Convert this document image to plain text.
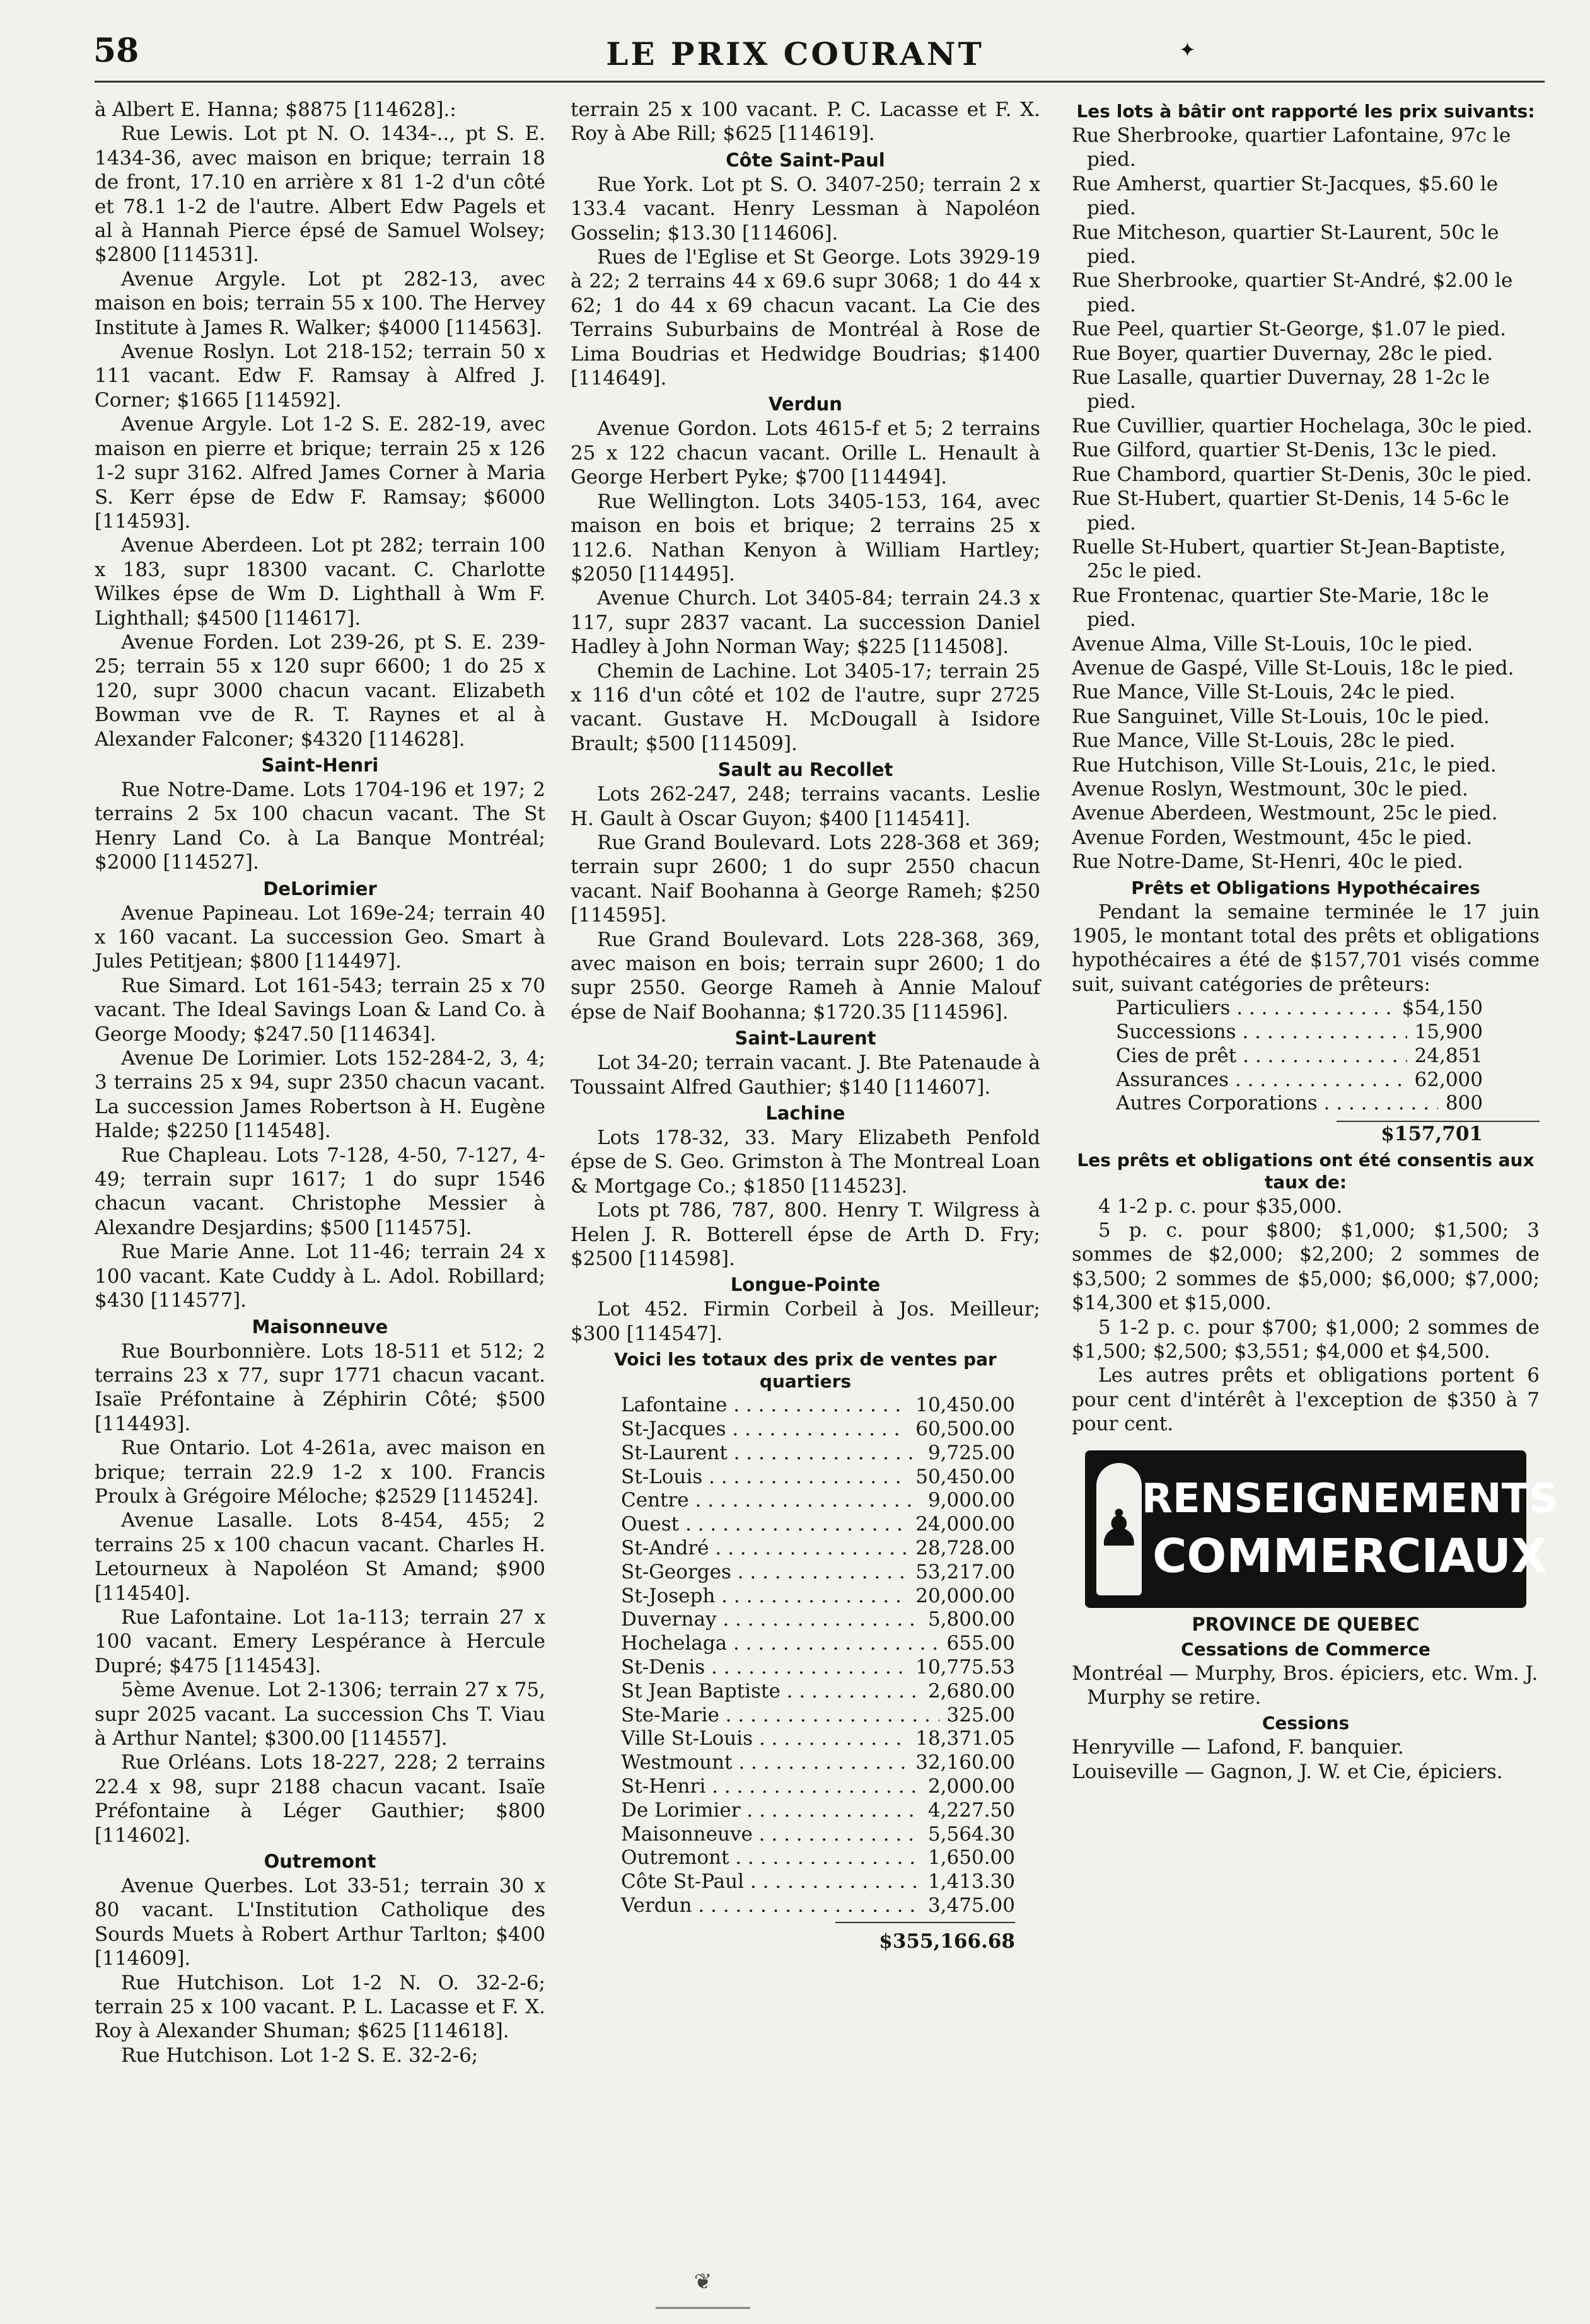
58	LE PRIX COURANT	✦

à Albert E. Hanna; $8875 [114628].:

Rue Lewis. Lot pt N. O. 1434-.., pt S. E. 1434-36, avec maison en brique; terrain 18 de front, 17.10 en arrière x 81 1-2 d'un côté et 78.1 1-2 de l'autre. Albert Edw Pagels et al à Hannah Pierce épsé de Samuel Wolsey; $2800 [114531].

Avenue Argyle. Lot pt 282-13, avec maison en bois; terrain 55 x 100. The Hervey Institute à James R. Walker; $4000 [114563].

Avenue Roslyn. Lot 218-152; terrain 50 x 111 vacant. Edw F. Ramsay à Alfred J. Corner; $1665 [114592].

Avenue Argyle. Lot 1-2 S. E. 282-19, avec maison en pierre et brique; terrain 25 x 126 1-2 supr 3162. Alfred James Corner à Maria S. Kerr épse de Edw F. Ramsay; $6000 [114593].

Avenue Aberdeen. Lot pt 282; terrain 100 x 183, supr 18300 vacant. C. Charlotte Wilkes épse de Wm D. Lighthall à Wm F. Lighthall; $4500 [114617].

Avenue Forden. Lot 239-26, pt S. E. 239-25; terrain 55 x 120 supr 6600; 1 do 25 x 120, supr 3000 chacun vacant. Elizabeth Bowman vve de R. T. Raynes et al à Alexander Falconer; $4320 [114628].

Saint-Henri

Rue Notre-Dame. Lots 1704-196 et 197; 2 terrains 2 5x 100 chacun vacant. The St Henry Land Co. à La Banque Montréal; $2000 [114527].

DeLorimier

Avenue Papineau. Lot 169e-24; terrain 40 x 160 vacant. La succession Geo. Smart à Jules Petitjean; $800 [114497].

Rue Simard. Lot 161-543; terrain 25 x 70 vacant. The Ideal Savings Loan & Land Co. à George Moody; $247.50 [114634].

Avenue De Lorimier. Lots 152-284-2, 3, 4; 3 terrains 25 x 94, supr 2350 chacun vacant. La succession James Robertson à H. Eugène Halde; $2250 [114548].

Rue Chapleau. Lots 7-128, 4-50, 7-127, 4-49; terrain supr 1617; 1 do supr 1546 chacun vacant. Christophe Messier à Alexandre Desjardins; $500 [114575].

Rue Marie Anne. Lot 11-46; terrain 24 x 100 vacant. Kate Cuddy à L. Adol. Robillard; $430 [114577].

Maisonneuve

Rue Bourbonnière. Lots 18-511 et 512; 2 terrains 23 x 77, supr 1771 chacun vacant. Isaïe Préfontaine à Zéphirin Côté; $500 [114493].

Rue Ontario. Lot 4-261a, avec maison en brique; terrain 22.9 1-2 x 100. Francis Proulx à Grégoire Méloche; $2529 [114524].

Avenue Lasalle. Lots 8-454, 455; 2 terrains 25 x 100 chacun vacant. Charles H. Letourneux à Napoléon St Amand; $900 [114540].

Rue Lafontaine. Lot 1a-113; terrain 27 x 100 vacant. Emery Lespérance à Hercule Dupré; $475 [114543].

5ème Avenue. Lot 2-1306; terrain 27 x 75, supr 2025 vacant. La succession Chs T. Viau à Arthur Nantel; $300.00 [114557].

Rue Orléans. Lots 18-227, 228; 2 terrains 22.4 x 98, supr 2188 chacun vacant. Isaïe Préfontaine à Léger Gauthier; $800 [114602].

Outremont

Avenue Querbes. Lot 33-51; terrain 30 x 80 vacant. L'Institution Catholique des Sourds Muets à Robert Arthur Tarlton; $400 [114609].

Rue Hutchison. Lot 1-2 N. O. 32-2-6; terrain 25 x 100 vacant. P. L. Lacasse et F. X. Roy à Alexander Shuman; $625 [114618].

Rue Hutchison. Lot 1-2 S. E. 32-2-6;

terrain 25 x 100 vacant. P. C. Lacasse et F. X. Roy à Abe Rill; $625 [114619].

Côte Saint-Paul

Rue York. Lot pt S. O. 3407-250; terrain 2 x 133.4 vacant. Henry Lessman à Napoléon Gosselin; $13.30 [114606].

Rues de l'Eglise et St George. Lots 3929-19 à 22; 2 terrains 44 x 69.6 supr 3068; 1 do 44 x 62; 1 do 44 x 69 chacun vacant. La Cie des Terrains Suburbains de Montréal à Rose de Lima Boudrias et Hedwidge Boudrias; $1400 [114649].

Verdun

Avenue Gordon. Lots 4615-f et 5; 2 terrains 25 x 122 chacun vacant. Orille L. Henault à George Herbert Pyke; $700 [114494].

Rue Wellington. Lots 3405-153, 164, avec maison en bois et brique; 2 terrains 25 x 112.6. Nathan Kenyon à William Hartley; $2050 [114495].

Avenue Church. Lot 3405-84; terrain 24.3 x 117, supr 2837 vacant. La succession Daniel Hadley à John Norman Way; $225 [114508].

Chemin de Lachine. Lot 3405-17; terrain 25 x 116 d'un côté et 102 de l'autre, supr 2725 vacant. Gustave H. McDougall à Isidore Brault; $500 [114509].

Sault au Recollet

Lots 262-247, 248; terrains vacants. Leslie H. Gault à Oscar Guyon; $400 [114541].

Rue Grand Boulevard. Lots 228-368 et 369; terrain supr 2600; 1 do supr 2550 chacun vacant. Naif Boohanna à George Rameh; $250 [114595].

Rue Grand Boulevard. Lots 228-368, 369, avec maison en bois; terrain supr 2600; 1 do supr 2550. George Rameh à Annie Malouf épse de Naif Boohanna; $1720.35 [114596].

Saint-Laurent

Lot 34-20; terrain vacant. J. Bte Patenaude à Toussaint Alfred Gauthier; $140 [114607].

Lachine

Lots 178-32, 33. Mary Elizabeth Penfold épse de S. Geo. Grimston à The Montreal Loan & Mortgage Co.; $1850 [114523].

Lots pt 786, 787, 800. Henry T. Wilgress à Helen J. R. Botterell épse de Arth D. Fry; $2500 [114598].

Longue-Pointe

Lot 452. Firmin Corbeil à Jos. Meilleur; $300 [114547].

Voici les totaux des prix de ventes par quartiers
Lafontaine . . .	10,450.00
St-Jacques . . .	60,500.00
St-Laurent . . .	9,725.00
St-Louis . . .	50,450.00
Centre . . .	9,000.00
Ouest . . .	24,000.00
St-André . . .	28,728.00
St-Georges . . .	53,217.00
St-Joseph . . .	20,000.00
Duvernay . . .	5,800.00
Hochelaga . . .	655.00
St-Denis . . .	10,775.53
St Jean Baptiste . . .	2,680.00
Ste-Marie . . .	325.00
Ville St-Louis . . .	18,371.05
Westmount . . .	32,160.00
St-Henri . . .	2,000.00
De Lorimier . . .	4,227.50
Maisonneuve . . .	5,564.30
Outremont . . .	1,650.00
Côte St-Paul . . .	1,413.30
Verdun . . .	3,475.00
$355,166.68
Les lots à bâtir ont rapporté les prix suivants:

Rue Sherbrooke, quartier Lafontaine, 97c le pied.

Rue Amherst, quartier St-Jacques, $5.60 le pied.

Rue Mitcheson, quartier St-Laurent, 50c le pied.

Rue Sherbrooke, quartier St-André, $2.00 le pied.

Rue Peel, quartier St-George, $1.07 le pied.

Rue Boyer, quartier Duvernay, 28c le pied.

Rue Lasalle, quartier Duvernay, 28 1-2c le pied.

Rue Cuvillier, quartier Hochelaga, 30c le pied.

Rue Gilford, quartier St-Denis, 13c le pied.

Rue Chambord, quartier St-Denis, 30c le pied.

Rue St-Hubert, quartier St-Denis, 14 5-6c le pied.

Ruelle St-Hubert, quartier St-Jean-Baptiste, 25c le pied.

Rue Frontenac, quartier Ste-Marie, 18c le pied.

Avenue Alma, Ville St-Louis, 10c le pied.

Avenue de Gaspé, Ville St-Louis, 18c le pied.

Rue Mance, Ville St-Louis, 24c le pied.

Rue Sanguinet, Ville St-Louis, 10c le pied.

Rue Mance, Ville St-Louis, 28c le pied.

Rue Hutchison, Ville St-Louis, 21c, le pied.

Avenue Roslyn, Westmount, 30c le pied.

Avenue Aberdeen, Westmount, 25c le pied.

Avenue Forden, Westmount, 45c le pied.

Rue Notre-Dame, St-Henri, 40c le pied.

Prêts et Obligations Hypothécaires

Pendant la semaine terminée le 17 juin 1905, le montant total des prêts et obligations hypothécaires a été de $157,701 visés comme suit, suivant catégories de prêteurs:

Particuliers . . .	$54,150
Successions . . .	15,900
Cies de prêt . . .	24,851
Assurances . . .	62,000
Autres Corporations . . .	800
$157,701
Les prêts et obligations ont été consentis aux taux de:

4 1-2 p. c. pour $35,000.

5 p. c. pour $800; $1,000; $1,500; 3 sommes de $2,000; $2,200; 2 sommes de $3,500; 2 sommes de $5,000; $6,000; $7,000; $14,300 et $15,000.

5 1-2 p. c. pour $700; $1,000; 2 sommes de $1,500; $2,500; $3,551; $4,000 et $4,500.

Les autres prêts et obligations portent 6 pour cent d'intérêt à l'exception de $350 à 7 pour cent.

♟
RENSEIGNEMENTS
COMMERCIAUX
PROVINCE DE QUEBEC
Cessations de Commerce

Montréal — Murphy, Bros. épiciers, etc. Wm. J. Murphy se retire.

Cessions

Henryville — Lafond, F. banquier.

Louiseville — Gagnon, J. W. et Cie, épiciers.

❦
